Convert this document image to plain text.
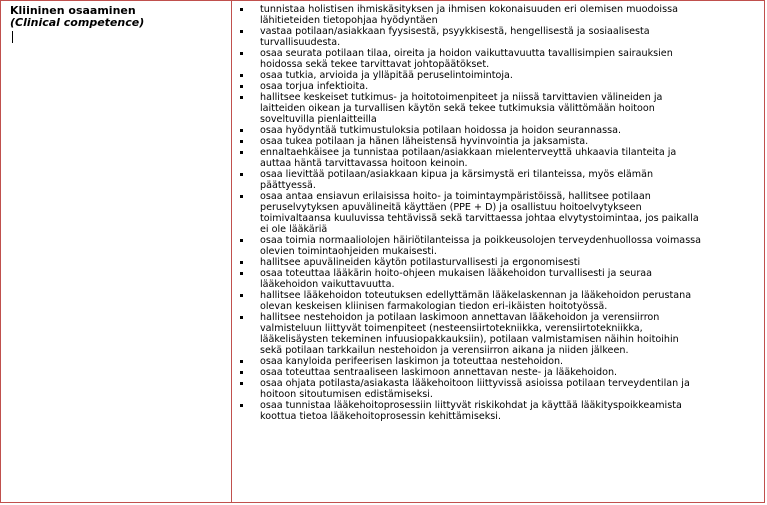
Kliininen osaaminen
(Clinical competence)
tunnistaa holistisen ihmiskäsityksen ja ihmisen kokonaisuuden eri olemisen muodoissa
lähitieteiden tietopohjaa hyödyntäen
vastaa potilaan/asiakkaan fyysisestä, psyykkisestä, hengellisestä ja sosiaalisesta
turvallisuudesta.
osaa seurata potilaan tilaa, oireita ja hoidon vaikuttavuutta tavallisimpien sairauksien
hoidossa sekä tekee tarvittavat johtopäätökset.
osaa tutkia, arvioida ja ylläpitää peruselintoimintoja.
osaa torjua infektioita.
hallitsee keskeiset tutkimus- ja hoitotoimenpiteet ja niissä tarvittavien välineiden ja
laitteiden oikean ja turvallisen käytön sekä tekee tutkimuksia välittömään hoitoon
soveltuvilla pienlaitteilla
osaa hyödyntää tutkimustuloksia potilaan hoidossa ja hoidon seurannassa.
osaa tukea potilaan ja hänen läheistensä hyvinvointia ja jaksamista.
ennaltaehkäisee ja tunnistaa potilaan/asiakkaan mielenterveyttä uhkaavia tilanteita ja
auttaa häntä tarvittavassa hoitoon keinoin.
osaa lievittää potilaan/asiakkaan kipua ja kärsimystä eri tilanteissa, myös elämän
päättyessä.
osaa antaa ensiavun erilaisissa hoito- ja toimintaympäristöissä, hallitsee potilaan
peruselvytyksen apuvälineitä käyttäen (PPE + D) ja osallistuu hoitoelvytykseen
toimivaltaansa kuuluvissa tehtävissä sekä tarvittaessa johtaa elvytystoimintaa, jos paikalla
ei ole lääkäriä
osaa toimia normaaliolojen häiriötilanteissa ja poikkeusolojen terveydenhuollossa voimassa
olevien toimintaohjeiden mukaisesti.
hallitsee apuvälineiden käytön potilasturvallisesti ja ergonomisesti
osaa toteuttaa lääkärin hoito-ohjeen mukaisen lääkehoidon turvallisesti ja seuraa
lääkehoidon vaikuttavuutta.
hallitsee lääkehoidon toteutuksen edellyttämän lääkelaskennan ja lääkehoidon perustana
olevan keskeisen kliinisen farmakologian tiedon eri-ikäisten hoitotyössä.
hallitsee nestehoidon ja potilaan laskimoon annettavan lääkehoidon ja verensiirron
valmisteluun liittyvät toimenpiteet (nesteensiirtotekniikka, verensiirtotekniikka,
lääkelisäysten tekeminen infuusiopakkauksiin), potilaan valmistamisen näihin hoitoihin
sekä potilaan tarkkailun nestehoidon ja verensiirron aikana ja niiden jälkeen.
osaa kanyloida perifeerisen laskimon ja toteuttaa nestehoidon.
osaa toteuttaa sentraaliseen laskimoon annettavan neste- ja lääkehoidon.
osaa ohjata potilasta/asiakasta lääkehoitoon liittyvissä asioissa potilaan terveydentilan ja
hoitoon sitoutumisen edistämiseksi.
osaa tunnistaa lääkehoitoprosessiin liittyvät riskikohdat ja käyttää lääkityspoikkeamista
koottua tietoa lääkehoitoprosessin kehittämiseksi.
